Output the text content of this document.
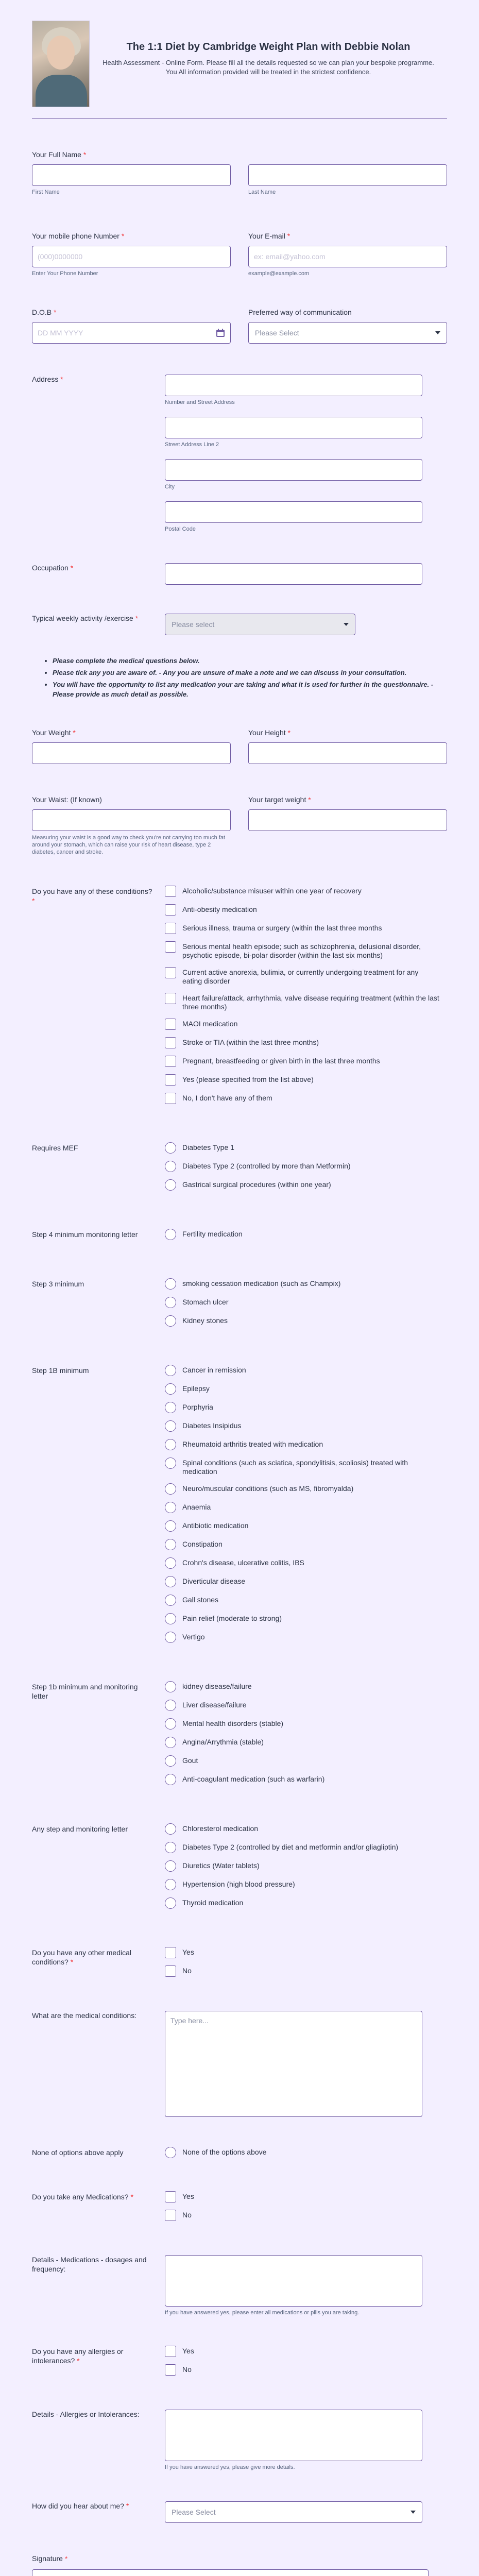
The 1:1 Diet by Cambridge Weight Plan with Debbie Nolan
Health Assessment - Online Form. Please fill all the details requested so we can plan your bespoke programme. You All information provided will be treated in the strictest confidence.
Your Full Name *
First Name	Last Name
Your mobile phone Number *
(000)0000000
Enter Your Phone Number
Your E-mail *
ex: email@yahoo.com
example@example.com
D.O.B *
DD MM YYYY
Preferred way of communication
Please Select
Address *
Number and Street Address
Street Address Line 2
City
Postal Code
Occupation *
Typical weekly activity /exercise *
Please select
• Please complete the medical questions below.
• Please tick any you are aware of. - Any you are unsure of make a note and we can discuss in your consultation.
• You will have the opportunity to list any medication your are taking and what it is used for further in the questionnaire. - Please provide as much detail as possible.
Your Weight *	Your Height *
Your Waist: (If known)
Measuring your waist is a good way to check you're not carrying too much fat around your stomach, which can raise your risk of heart disease, type 2 diabetes, cancer and stroke.
Your target weight *
Do you have any of these conditions? *
Alcoholic/substance misuser within one year of recovery
Anti-obesity medication
Serious illness, trauma or surgery (within the last three months
Serious mental health episode; such as schizophrenia, delusional disorder, psychotic episode, bi-polar disorder (within the last six months)
Current active anorexia, bulimia, or currently undergoing treatment for any eating disorder
Heart failure/attack, arrhythmia, valve disease requiring treatment (within the last three months)
MAOI medication
Stroke or TIA (within the last three months)
Pregnant, breastfeeding or given birth in the last three months
Yes (please specified from the list above)
No, I don't have any of them
Requires MEF	Diabetes Type 1
Diabetes Type 2 (controlled by more than Metformin)
Gastrical surgical procedures (within one year)
Step 4 minimum monitoring letter	Fertility medication
Step 3 minimum	smoking cessation medication (such as Champix)
Stomach ulcer
Kidney stones
Step 1B minimum	Cancer in remission
Epilepsy
Porphyria
Diabetes Insipidus
Rheumatoid arthritis treated with medication
Spinal conditions (such as sciatica, spondylitisis, scoliosis) treated with medication
Neuro/muscular conditions (such as MS, fibromyalda)
Anaemia
Antibiotic medication
Constipation
Crohn's disease, ulcerative colitis, IBS
Diverticular disease
Gall stones
Pain relief (moderate to strong)
Vertigo
Step 1b minimum and monitoring letter
kidney disease/failure
Liver disease/failure
Mental health disorders (stable)
Angina/Arrythmia (stable)
Gout
Anti-coagulant medication (such as warfarin)
Any step and monitoring letter	Chloresterol medication
Diabetes Type 2 (controlled by diet and metformin and/or gliagliptin)
Diuretics (Water tablets)
Hypertension (high blood pressure)
Thyroid medication
Do you have any other medical conditions? *
Yes
No
What are the medical conditions:
Type here...
None of options above apply	None of the options above
Do you take any Medications? *	Yes
No
Details - Medications - dosages and frequency:
If you have answered yes, please enter all medications or pills you are taking.
Do you have any allergies or intolerances? *
Yes
No
Details - Allergies or Intolerances:
If you have answered yes, please give more details.
How did you hear about me? *
Please Select
Signature *
